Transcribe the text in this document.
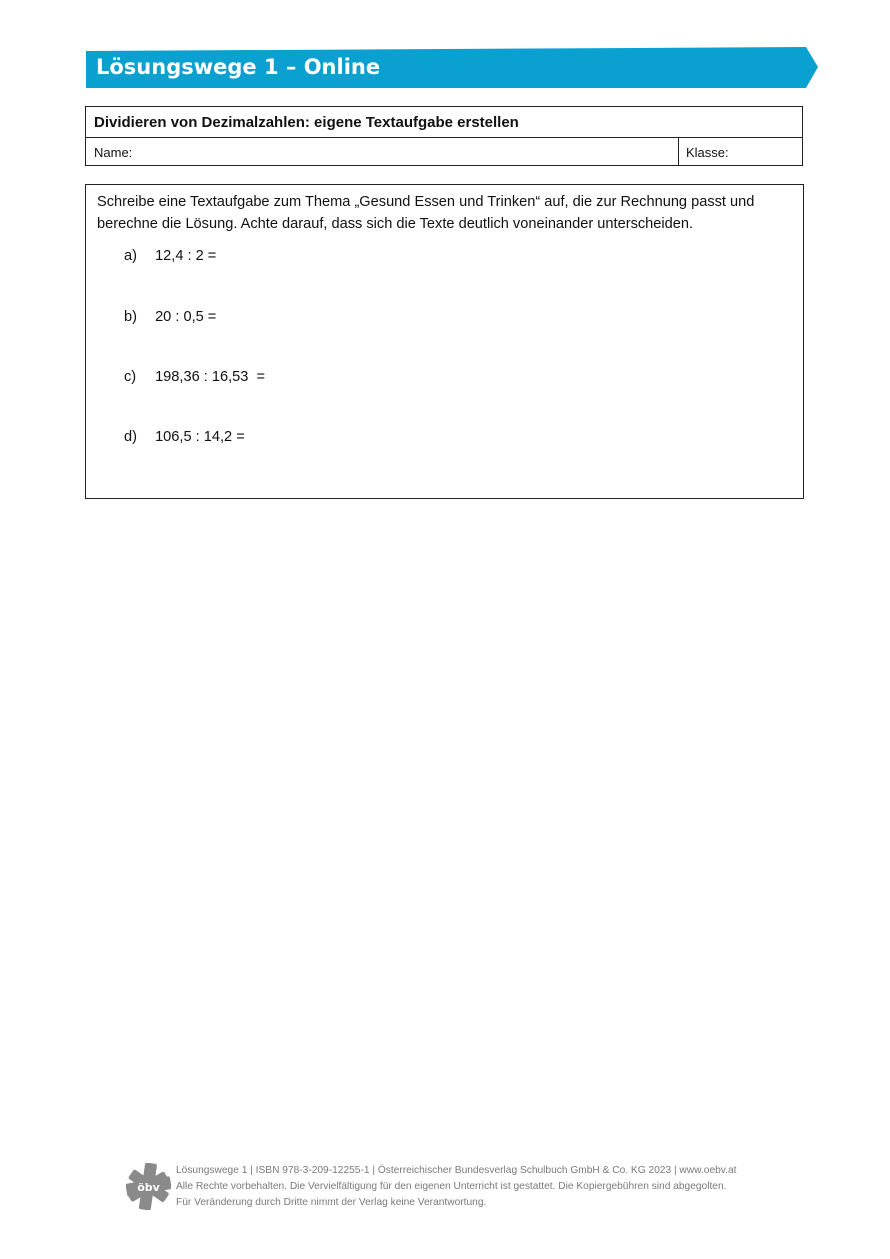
Lösungswege 1 – Online
Dividieren von Dezimalzahlen: eigene Textaufgabe erstellen
Name:	Klasse:
Schreibe eine Textaufgabe zum Thema „Gesund Essen und Trinken“ auf, die zur Rechnung passt und berechne die Lösung. Achte darauf, dass sich die Texte deutlich voneinander unterscheiden.
a) 12,4 : 2 =
b) 20 : 0,5 =
c) 198,36 : 16,53  =
d) 106,5 : 14,2 =
öbv
Lösungswege 1 | ISBN 978-3-209-12255-1 | Österreichischer Bundesverlag Schulbuch GmbH & Co. KG 2023 | www.oebv.at
Alle Rechte vorbehalten. Die Vervielfältigung für den eigenen Unterricht ist gestattet. Die Kopiergebühren sind abgegolten.
Für Veränderung durch Dritte nimmt der Verlag keine Verantwortung.
